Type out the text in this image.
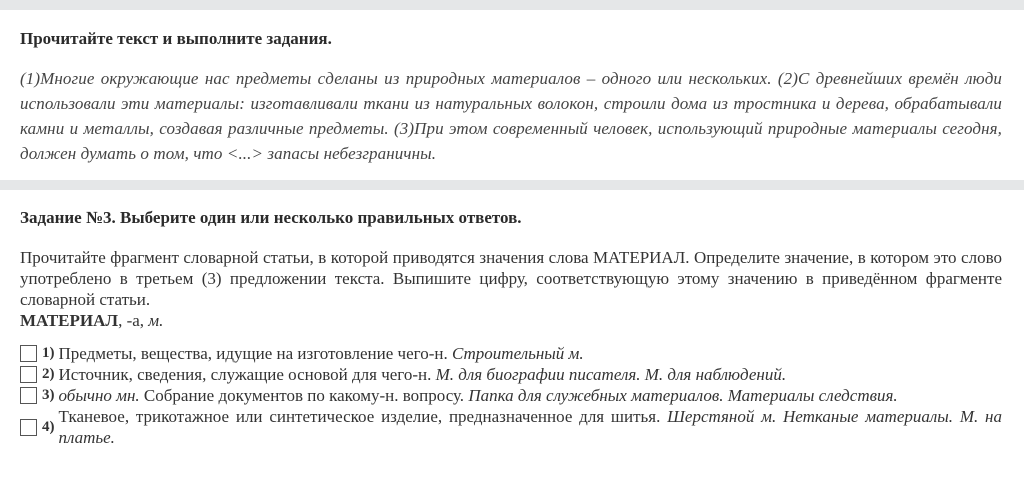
Прочитайте текст и выполните задания.
(1)Многие окружающие нас предметы сделаны из природных материалов – одного или нескольких. (2)С древнейших времён люди использовали эти материалы: изготавливали ткани из натуральных волокон, строили дома из тростника и дерева, обрабатывали камни и металлы, создавая различные предметы. (3)При этом современный человек, использующий природные материалы сегодня, должен думать о том, что <...> запасы небезграничны.
Задание №3. Выберите один или несколько правильных ответов.
Прочитайте фрагмент словарной статьи, в которой приводятся значения слова МАТЕРИАЛ. Определите значение, в котором это слово употреблено в третьем (3) предложении текста. Выпишите цифру, соответствующую этому значению в приведённом фрагменте словарной статьи.
МАТЕРИАЛ, -а, м.
1) Предметы, вещества, идущие на изготовление чего-н. Строительный м.
2) Источник, сведения, служащие основой для чего-н. М. для биографии писателя. М. для наблюдений.
3) обычно мн. Собрание документов по какому-н. вопросу. Папка для служебных материалов. Материалы следствия.
4)
Тканевое, трикотажное или синтетическое изделие, предназначенное для шитья. Шерстяной м. Нетканые материалы. М. на платье.
